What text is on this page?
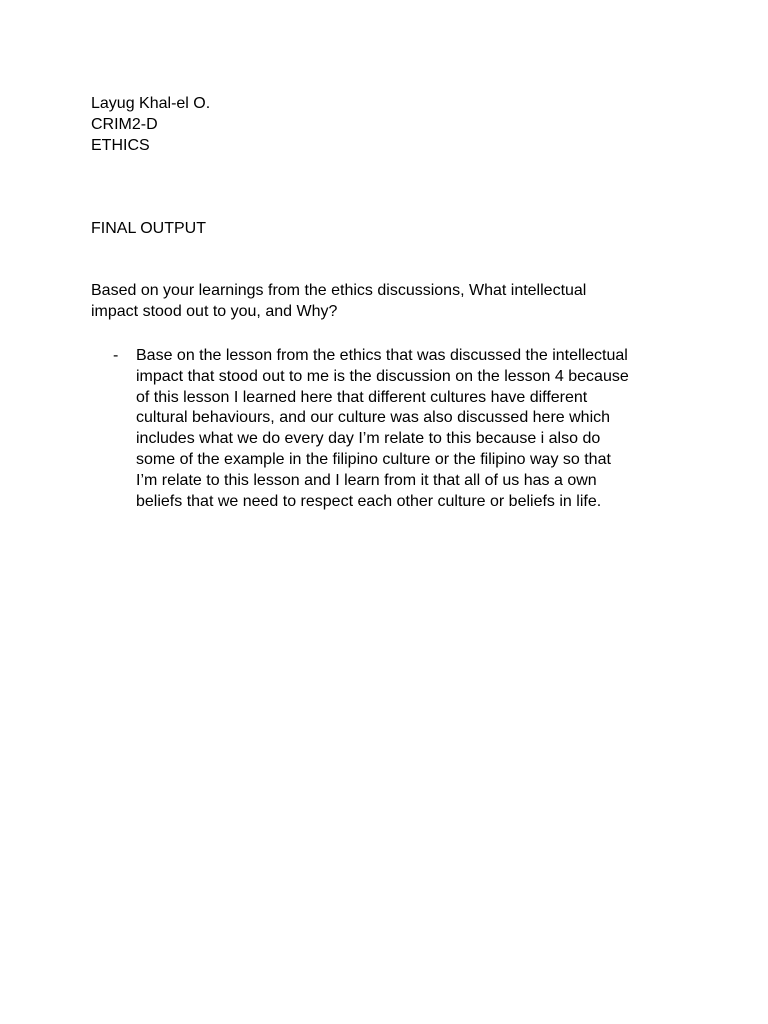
Layug Khal-el O.
CRIM2-D
ETHICS
FINAL OUTPUT
Based on your learnings from the ethics discussions, What intellectual
impact stood out to you, and Why?
- Base on the lesson from the ethics that was discussed the intellectual
impact that stood out to me is the discussion on the lesson 4 because
of this lesson I learned here that different cultures have different
cultural behaviours, and our culture was also discussed here which
includes what we do every day I’m relate to this because i also do
some of the example in the filipino culture or the filipino way so that
I’m relate to this lesson and I learn from it that all of us has a own
beliefs that we need to respect each other culture or beliefs in life.
